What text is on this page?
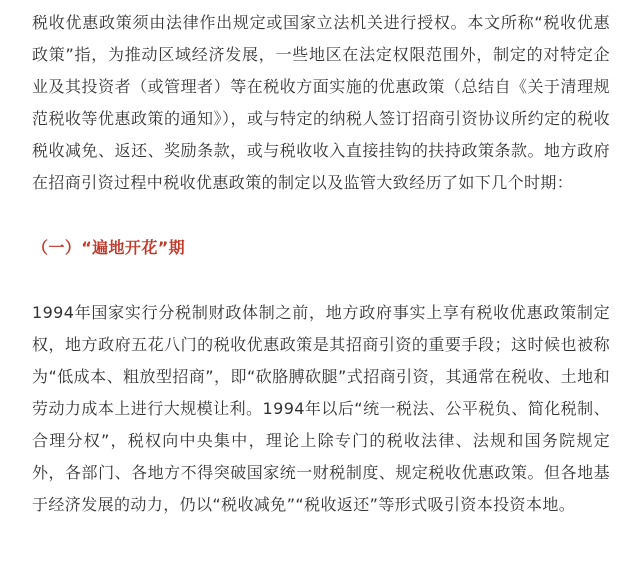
税收优惠政策须由法律作出规定或国家立法机关进行授权。本文所称“税收优惠政策”指，为推动区域经济发展，一些地区在法定权限范围外，制定的对特定企业及其投资者（或管理者）等在税收方面实施的优惠政策（总结自《关于清理规范税收等优惠政策的通知》），或与特定的纳税人签订招商引资协议所约定的税收税收减免、返还、奖励条款，或与税收收入直接挂钩的扶持政策条款。地方政府在招商引资过程中税收优惠政策的制定以及监管大致经历了如下几个时期：

（一）“遍地开花”期

1994年国家实行分税制财政体制之前，地方政府事实上享有税收优惠政策制定权，地方政府五花八门的税收优惠政策是其招商引资的重要手段；这时候也被称为“低成本、粗放型招商”，即“砍胳膊砍腿”式招商引资，其通常在税收、土地和劳动力成本上进行大规模让利。1994年以后“统一税法、公平税负、简化税制、合理分权”，税权向中央集中，理论上除专门的税收法律、法规和国务院规定外，各部门、各地方不得突破国家统一财税制度、规定税收优惠政策。但各地基于经济发展的动力，仍以“税收减免”“税收返还”等形式吸引资本投资本地。
